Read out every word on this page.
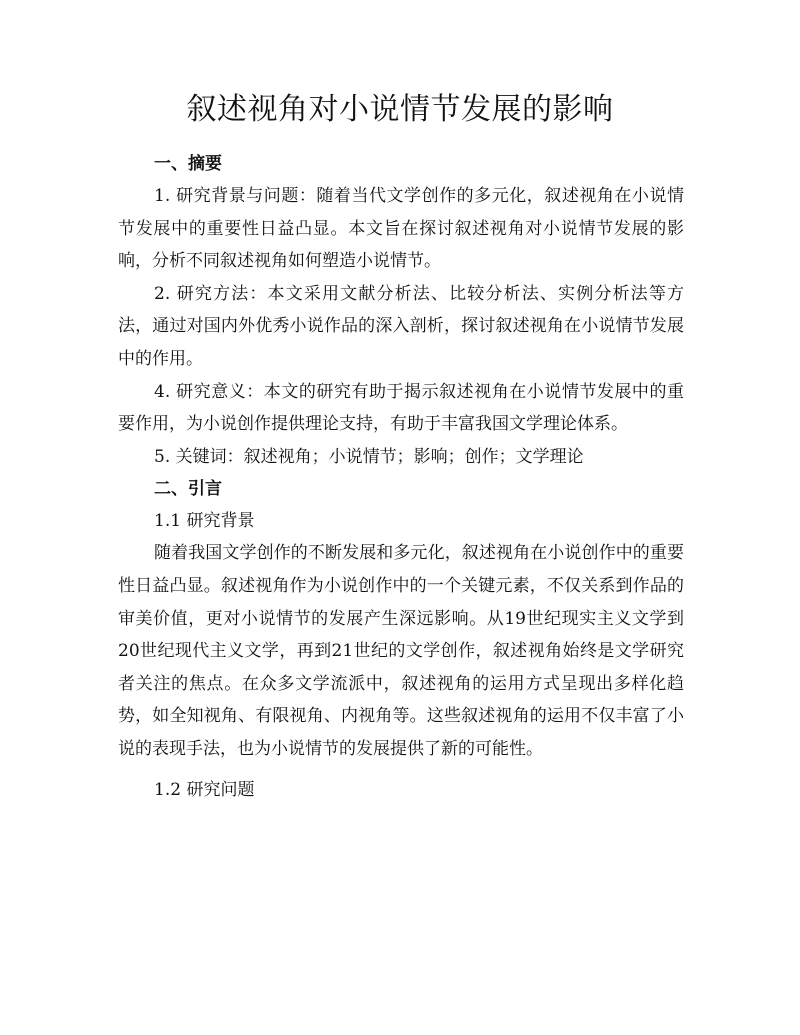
叙述视角对小说情节发展的影响

一、摘要

1. 研究背景与问题：随着当代文学创作的多元化，叙述视角在小说情节发展中的重要性日益凸显。本文旨在探讨叙述视角对小说情节发展的影响，分析不同叙述视角如何塑造小说情节。

2. 研究方法：本文采用文献分析法、比较分析法、实例分析法等方法，通过对国内外优秀小说作品的深入剖析，探讨叙述视角在小说情节发展中的作用。

4. 研究意义：本文的研究有助于揭示叙述视角在小说情节发展中的重要作用，为小说创作提供理论支持，有助于丰富我国文学理论体系。

5. 关键词：叙述视角；小说情节；影响；创作；文学理论

二、引言

1.1 研究背景

随着我国文学创作的不断发展和多元化，叙述视角在小说创作中的重要性日益凸显。叙述视角作为小说创作中的一个关键元素，不仅关系到作品的审美价值，更对小说情节的发展产生深远影响。从19世纪现实主义文学到20世纪现代主义文学，再到21世纪的文学创作，叙述视角始终是文学研究者关注的焦点。在众多文学流派中，叙述视角的运用方式呈现出多样化趋势，如全知视角、有限视角、内视角等。这些叙述视角的运用不仅丰富了小说的表现手法，也为小说情节的发展提供了新的可能性。

1.2 研究问题
